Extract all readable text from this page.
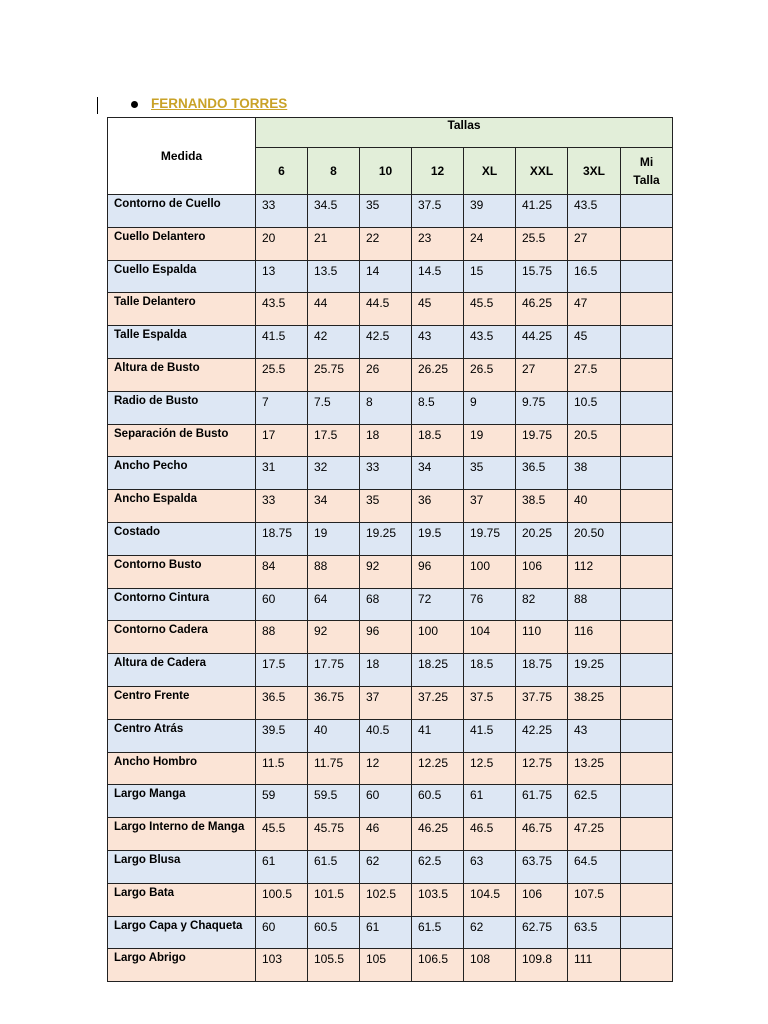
FERNANDO TORRES
Medida	Tallas							
	6	8	10	12	XL	XXL	3XL	Mi Talla
Contorno de Cuello	33	34.5	35	37.5	39	41.25	43.5	
Cuello Delantero	20	21	22	23	24	25.5	27	
Cuello Espalda	13	13.5	14	14.5	15	15.75	16.5	
Talle Delantero	43.5	44	44.5	45	45.5	46.25	47	
Talle Espalda	41.5	42	42.5	43	43.5	44.25	45	
Altura de Busto	25.5	25.75	26	26.25	26.5	27	27.5	
Radio de Busto	7	7.5	8	8.5	9	9.75	10.5	
Separación de Busto	17	17.5	18	18.5	19	19.75	20.5	
Ancho Pecho	31	32	33	34	35	36.5	38	
Ancho Espalda	33	34	35	36	37	38.5	40	
Costado	18.75	19	19.25	19.5	19.75	20.25	20.50	
Contorno Busto	84	88	92	96	100	106	112	
Contorno Cintura	60	64	68	72	76	82	88	
Contorno Cadera	88	92	96	100	104	110	116	
Altura de Cadera	17.5	17.75	18	18.25	18.5	18.75	19.25	
Centro Frente	36.5	36.75	37	37.25	37.5	37.75	38.25	
Centro Atrás	39.5	40	40.5	41	41.5	42.25	43	
Ancho Hombro	11.5	11.75	12	12.25	12.5	12.75	13.25	
Largo Manga	59	59.5	60	60.5	61	61.75	62.5	
Largo Interno de Manga	45.5	45.75	46	46.25	46.5	46.75	47.25	
Largo Blusa	61	61.5	62	62.5	63	63.75	64.5	
Largo Bata	100.5	101.5	102.5	103.5	104.5	106	107.5	
Largo Capa y Chaqueta	60	60.5	61	61.5	62	62.75	63.5	
Largo Abrigo	103	105.5	105	106.5	108	109.8	111	
